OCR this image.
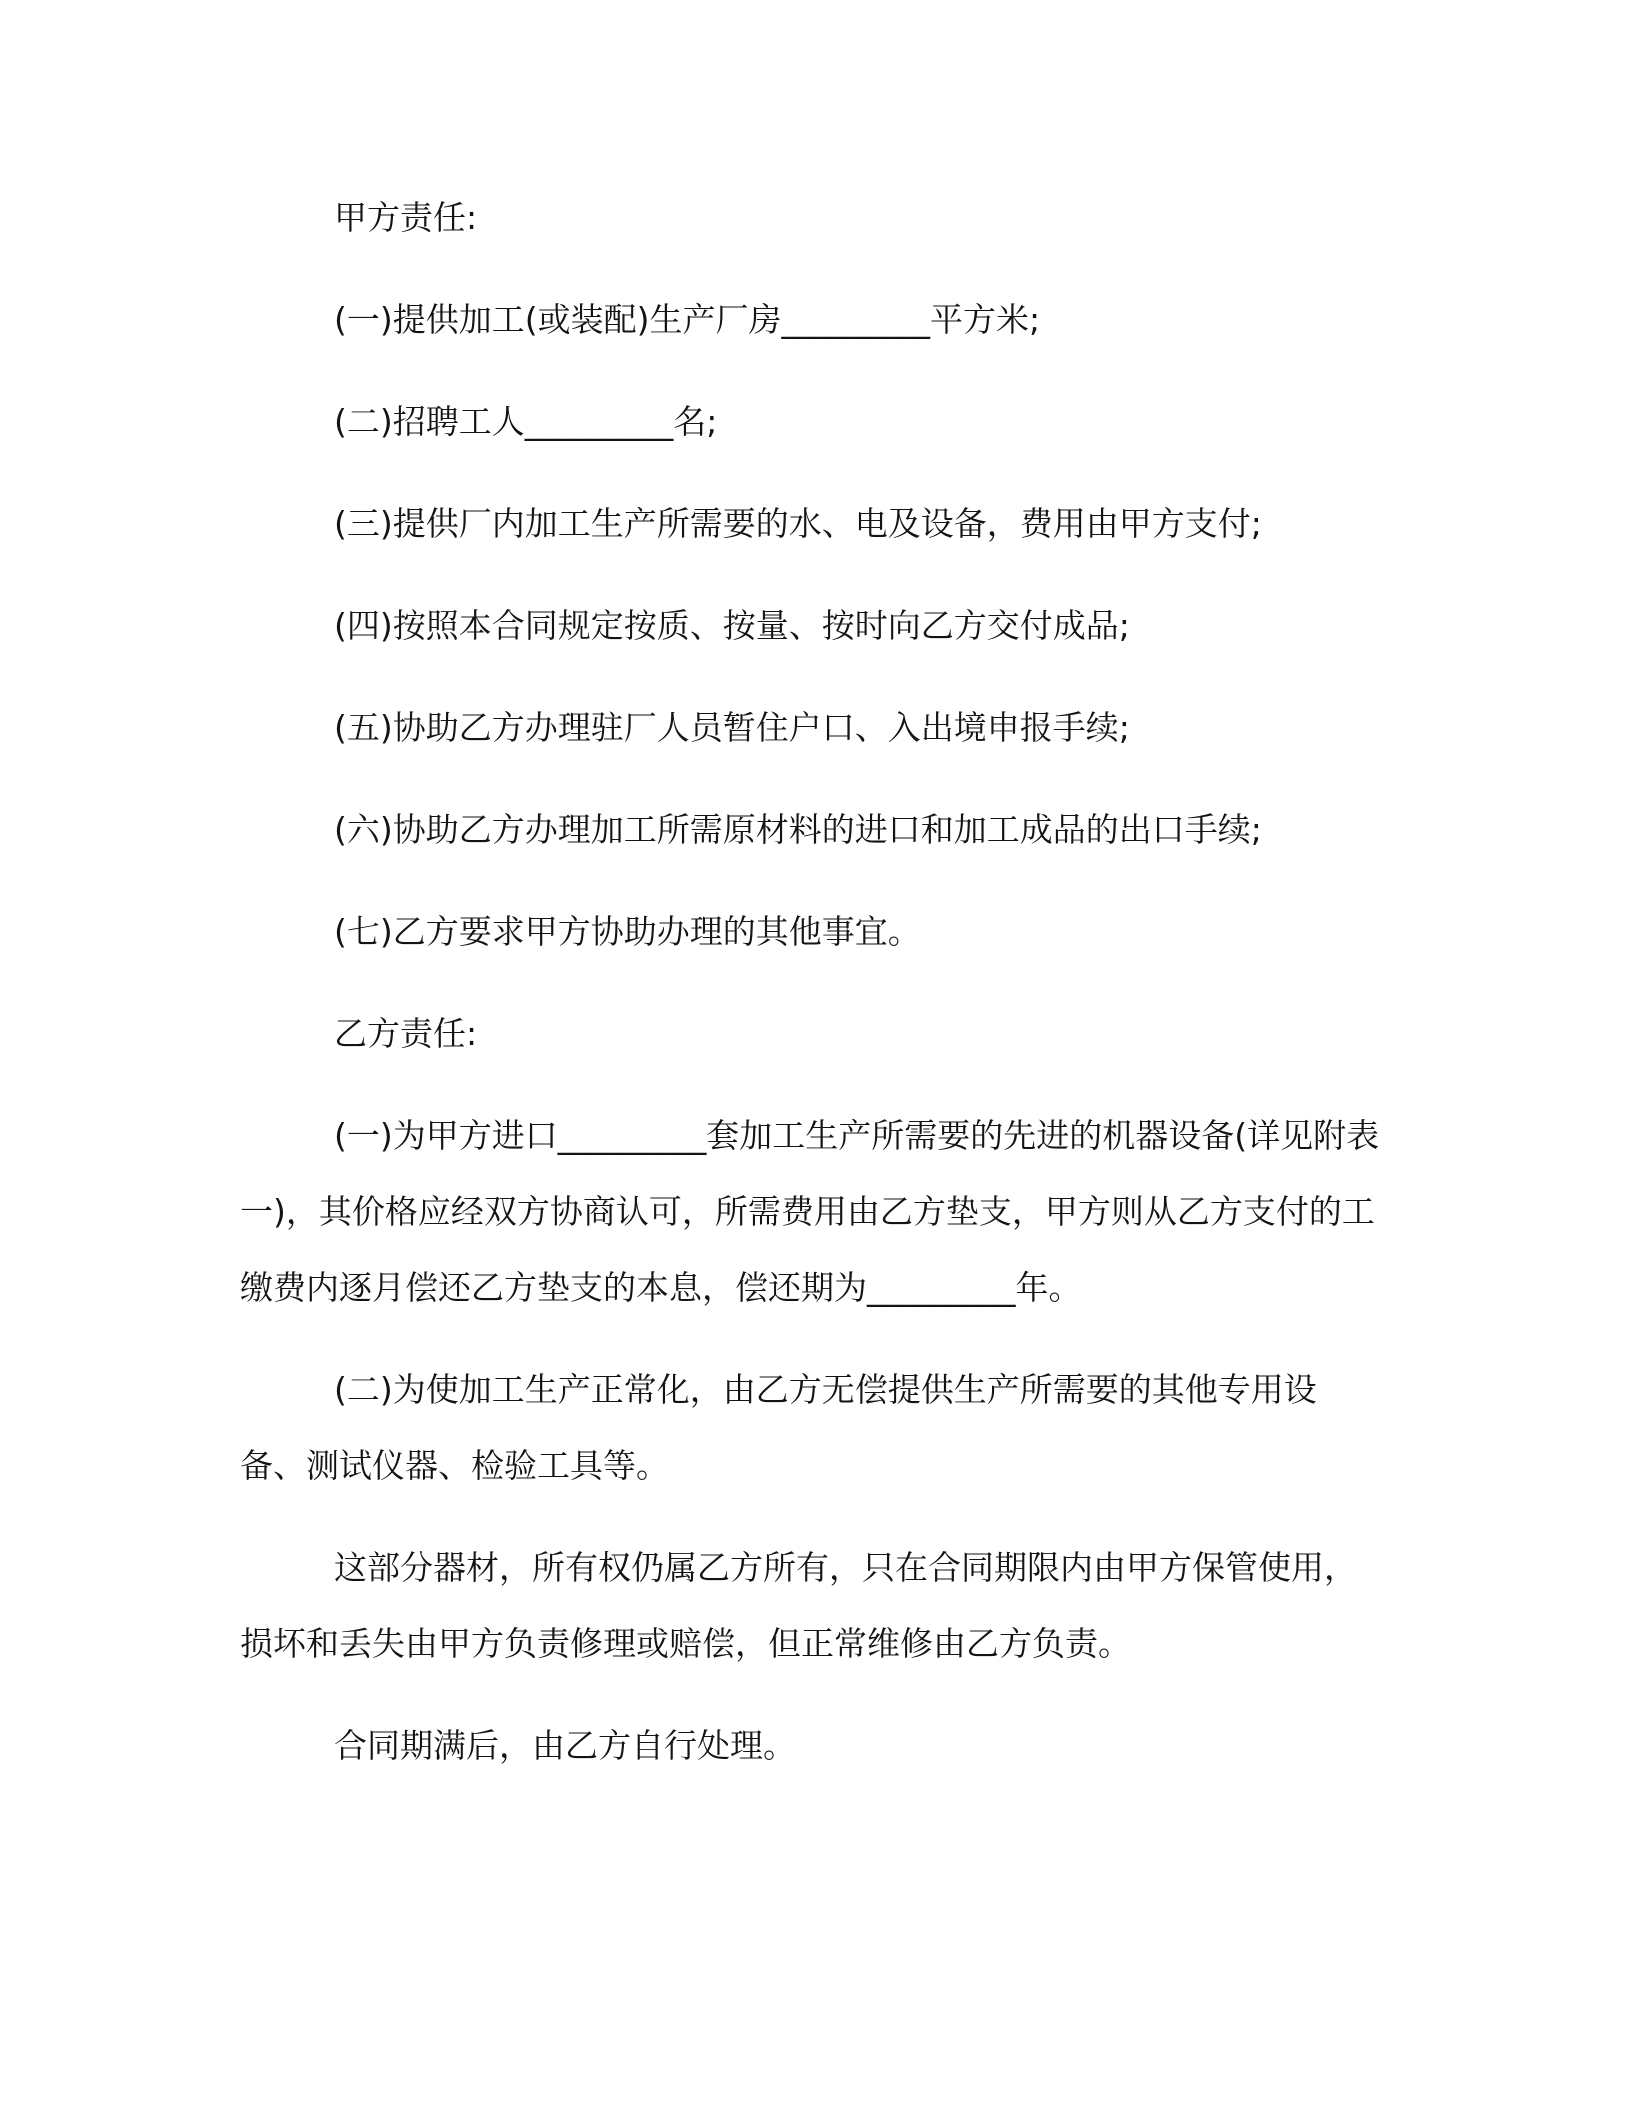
甲方责任:

(一)提供加工(或装配)生产厂房_________平方米;

(二)招聘工人_________名;

(三)提供厂内加工生产所需要的水、电及设备，费用由甲方支付;

(四)按照本合同规定按质、按量、按时向乙方交付成品;

(五)协助乙方办理驻厂人员暂住户口、入出境申报手续;

(六)协助乙方办理加工所需原材料的进口和加工成品的出口手续;

(七)乙方要求甲方协助办理的其他事宜。

乙方责任:

(一)为甲方进口_________套加工生产所需要的先进的机器设备(详见附表一)，其价格应经双方协商认可，所需费用由乙方垫支，甲方则从乙方支付的工缴费内逐月偿还乙方垫支的本息，偿还期为_________年。

(二)为使加工生产正常化，由乙方无偿提供生产所需要的其他专用设备、测试仪器、检验工具等。

这部分器材，所有权仍属乙方所有，只在合同期限内由甲方保管使用，损坏和丢失由甲方负责修理或赔偿，但正常维修由乙方负责。

合同期满后，由乙方自行处理。
